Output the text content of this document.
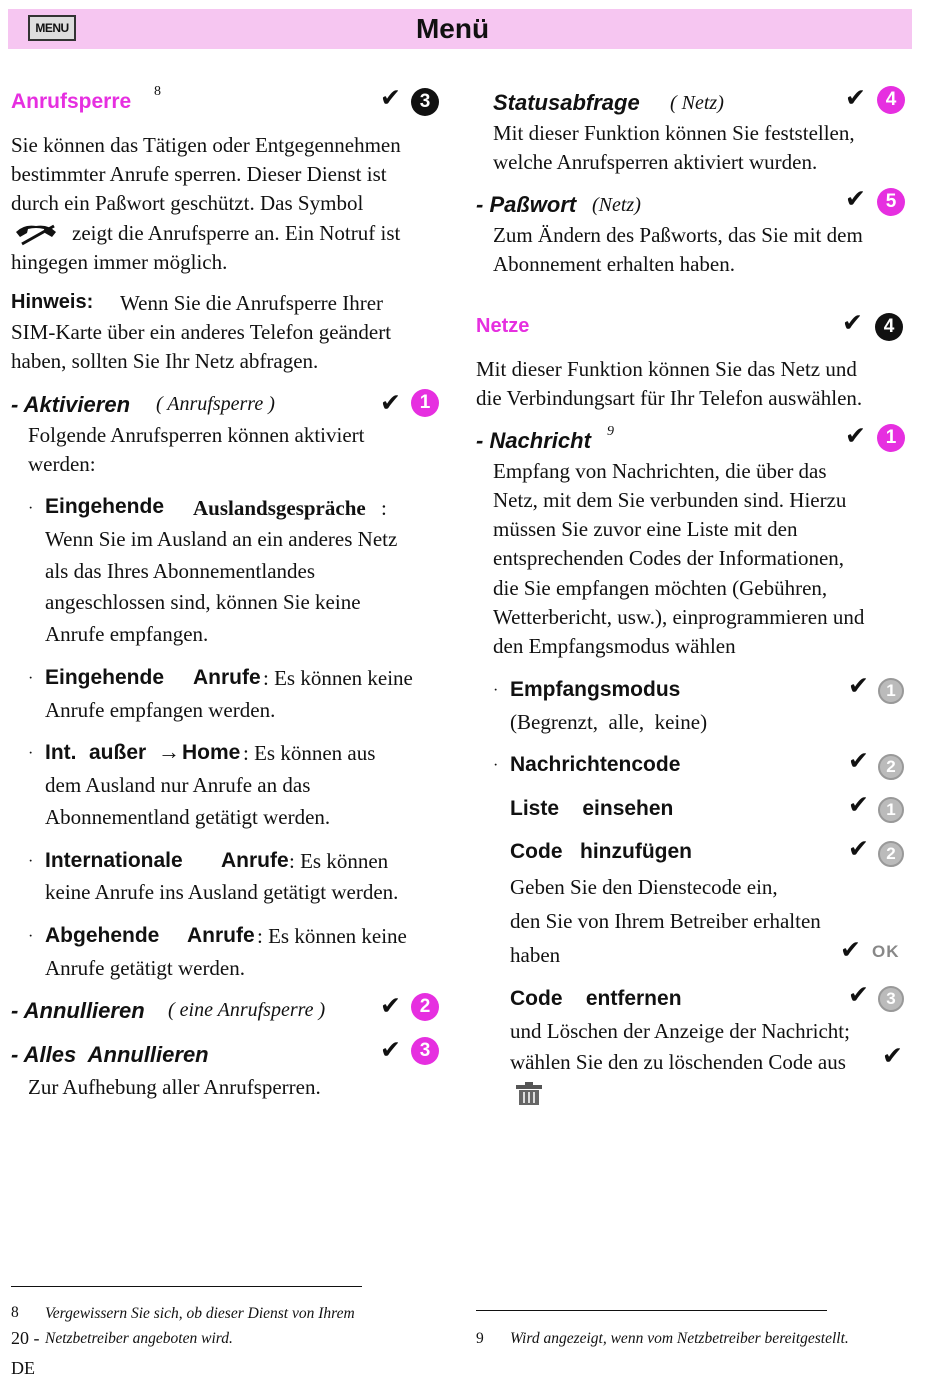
MENU	Menü
Anrufsperre 8	✔ 3
Sie können das Tätigen oder Entgegennehmen
bestimmter Anrufe sperren. Dieser Dienst ist
durch ein Paßwort geschützt. Das Symbol
zeigt die Anrufsperre an. Ein Notruf ist
hingegen immer möglich.
Hinweis: Wenn Sie die Anrufsperre Ihrer
SIM-Karte über ein anderes Telefon geändert
haben, sollten Sie Ihr Netz abfragen.
- Aktivieren ( Anrufsperre )	✔ 1
Folgende Anrufsperren können aktiviert
werden:
· Eingehende Auslandsgespräche :
Wenn Sie im Ausland an ein anderes Netz
als das Ihres Abonnementlandes
angeschlossen sind, können Sie keine
Anrufe empfangen.
· Eingehende Anrufe : Es können keine
Anrufe empfangen werden.
· Int. außer → Home : Es können aus
dem Ausland nur Anrufe an das
Abonnementland getätigt werden.
· Internationale Anrufe : Es können
keine Anrufe ins Ausland getätigt werden.
· Abgehende Anrufe : Es können keine
Anrufe getätigt werden.
- Annullieren ( eine Anrufsperre ) ✔ 2
- Alles  Annullieren	✔ 3
Zur Aufhebung aller Anrufsperren.
8 Vergewissern Sie sich, ob dieser Dienst von Ihrem
20 - Netzbetreiber angeboten wird.
DE
Statusabfrage ( Netz)	✔	4
Mit dieser Funktion können Sie feststellen,
welche Anrufsperren aktiviert wurden.
- Paßwort (Netz)	✔	5
Zum Ändern des Paßworts, das Sie mit dem
Abonnement erhalten haben.
Netze	✔	4
Mit dieser Funktion können Sie das Netz und
die Verbindungsart für Ihr Telefon auswählen.
- Nachricht 9	✔	1
Empfang von Nachrichten, die über das
Netz, mit dem Sie verbunden sind. Hierzu
müssen Sie zuvor eine Liste mit den
entsprechenden Codes der Informationen,
die Sie empfangen möchten (Gebühren,
Wetterbericht, usw.), einprogrammieren und
den Empfangsmodus wählen
· Empfangsmodus	✔	1
(Begrenzt,  alle,  keine)
· Nachrichtencode	✔	2
Liste    einsehen	✔	1
Code   hinzufügen	✔	2
Geben Sie den Dienstecode ein,
den Sie von Ihrem Betreiber erhalten
haben	✔ OK
Code    entfernen	✔	3
und Löschen der Anzeige der Nachricht;
wählen Sie den zu löschenden Code aus ✔
9 Wird angezeigt, wenn vom Netzbetreiber bereitgestellt.
